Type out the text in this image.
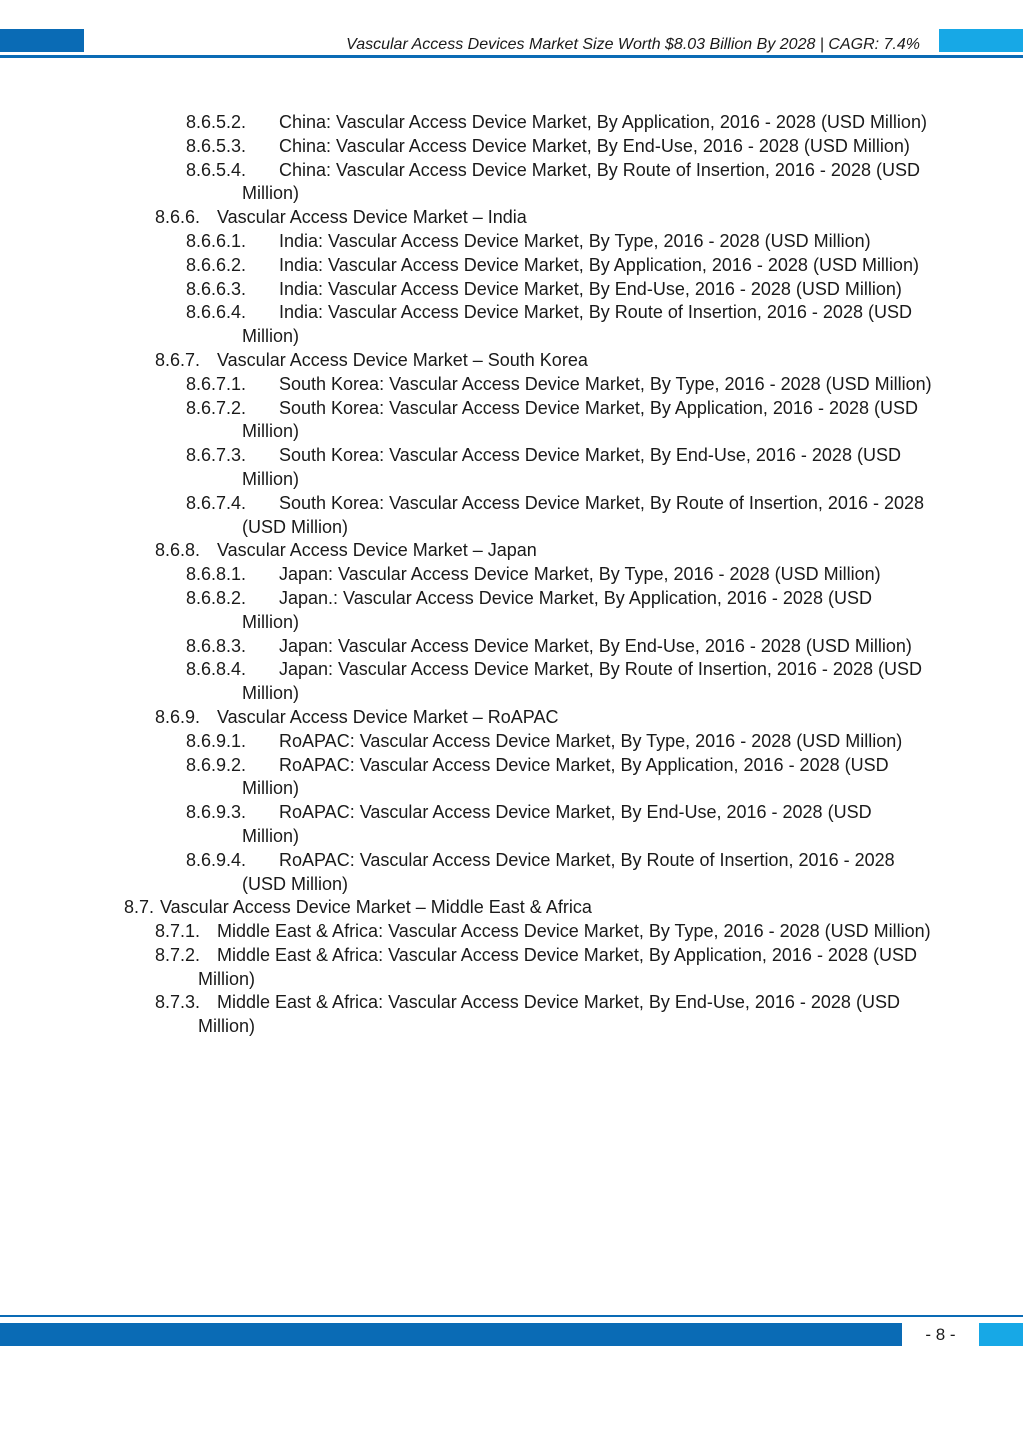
Vascular Access Devices Market Size Worth $8.03 Billion By 2028 | CAGR: 7.4%
8.6.5.2.	China: Vascular Access Device Market, By Application, 2016 - 2028 (USD Million)
8.6.5.3.	China: Vascular Access Device Market, By End-Use, 2016 - 2028 (USD Million)
8.6.5.4.	China: Vascular Access Device Market, By Route of Insertion, 2016 - 2028 (USD Million)
8.6.6. Vascular Access Device Market – India
8.6.6.1.	India: Vascular Access Device Market, By Type, 2016 - 2028 (USD Million)
8.6.6.2.	India: Vascular Access Device Market, By Application, 2016 - 2028 (USD Million)
8.6.6.3.	India: Vascular Access Device Market, By End-Use, 2016 - 2028 (USD Million)
8.6.6.4.	India: Vascular Access Device Market, By Route of Insertion, 2016 - 2028 (USD Million)
8.6.7. Vascular Access Device Market – South Korea
8.6.7.1.	South Korea: Vascular Access Device Market, By Type, 2016 - 2028 (USD Million)
8.6.7.2.	South Korea: Vascular Access Device Market, By Application, 2016 - 2028 (USD Million)
8.6.7.3.	South Korea: Vascular Access Device Market, By End-Use, 2016 - 2028 (USD Million)
8.6.7.4.	South Korea: Vascular Access Device Market, By Route of Insertion, 2016 - 2028 (USD Million)
8.6.8. Vascular Access Device Market – Japan
8.6.8.1.	Japan: Vascular Access Device Market, By Type, 2016 - 2028 (USD Million)
8.6.8.2.	Japan.: Vascular Access Device Market, By Application, 2016 - 2028 (USD Million)
8.6.8.3.	Japan: Vascular Access Device Market, By End-Use, 2016 - 2028 (USD Million)
8.6.8.4.	Japan: Vascular Access Device Market, By Route of Insertion, 2016 - 2028 (USD Million)
8.6.9. Vascular Access Device Market – RoAPAC
8.6.9.1.	RoAPAC: Vascular Access Device Market, By Type, 2016 - 2028 (USD Million)
8.6.9.2.	RoAPAC: Vascular Access Device Market, By Application, 2016 - 2028 (USD Million)
8.6.9.3.	RoAPAC: Vascular Access Device Market, By End-Use, 2016 - 2028 (USD Million)
8.6.9.4.	RoAPAC: Vascular Access Device Market, By Route of Insertion, 2016 - 2028 (USD Million)
8.7. Vascular Access Device Market – Middle East & Africa
8.7.1. Middle East & Africa: Vascular Access Device Market, By Type, 2016 - 2028 (USD Million)
8.7.2. Middle East & Africa: Vascular Access Device Market, By Application, 2016 - 2028 (USD Million)
8.7.3. Middle East & Africa: Vascular Access Device Market, By End-Use, 2016 - 2028 (USD Million)
- 8 -
